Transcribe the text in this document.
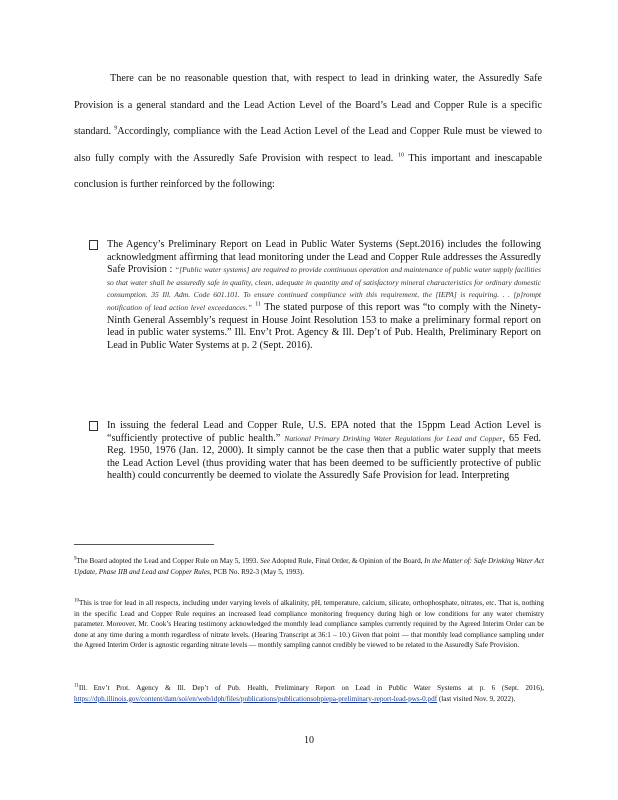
There can be no reasonable question that, with respect to lead in drinking water, the Assuredly Safe Provision is a general standard and the Lead Action Level of the Board’s Lead and Copper Rule is a specific standard. $^9$Accordingly, compliance with the Lead Action Level of the Lead and Copper Rule must be viewed to also fully comply with the Assuredly Safe Provision with respect to lead. $^{10}$ This important and inescapable conclusion is further reinforced by the following:
The Agency’s Preliminary Report on Lead in Public Water Systems (Sept.2016) includes the following acknowledgment affirming that lead monitoring under the Lead and Copper Rule addresses the Assuredly Safe Provision : “[Public water systems] are required to provide continuous operation and maintenance of public water supply facilities so that water shall be assuredly safe in quality, clean, adequate in quantity and of satisfactory mineral characteristics for ordinary domestic consumption. 35 Ill. Adm. Code 601.101. To ensure continued compliance with this requirement, the [IEPA] is requiring. . . [p]rompt notification of lead action level exceedances.” $^{11}$ The stated purpose of this report was “to comply with the Ninety-Ninth General Assembly’s request in House Joint Resolution 153 to make a preliminary formal report on lead in public water systems.” Ill. Env’t Prot. Agency & Ill. Dep’t of Pub. Health, Preliminary Report on Lead in Public Water Systems at p. 2 (Sept. 2016).
In issuing the federal Lead and Copper Rule, U.S. EPA noted that the 15ppm Lead Action Level is “sufficiently protective of public health.” National Primary Drinking Water Regulations for Lead and Copper, 65 Fed. Reg. 1950, 1976 (Jan. 12, 2000). It simply cannot be the case then that a public water supply that meets the Lead Action Level (thus providing water that has been deemed to be sufficiently protective of public health) could concurrently be deemed to violate the Assuredly Safe Provision for lead. Interpreting
$^9$The Board adopted the Lead and Copper Rule on May 5, 1993. See Adopted Rule, Final Order, & Opinion of the Board, In the Matter of: Safe Drinking Water Act Update, Phase IIB and Lead and Copper Rules, PCB No. R92-3 (May 5, 1993).
$^{10}$This is true for lead in all respects, including under varying levels of alkalinity, pH, temperature, calcium, silicate, orthophosphate, nitrates, etc. That is, nothing in the specific Lead and Copper Rule requires an increased lead compliance monitoring frequency during high or low conditions for any water chemistry parameter. Moreover, Mr. Cook’s Hearing testimony acknowledged the monthly lead compliance samples currently required by the Agreed Interim Order can be done at any time during a month regardless of nitrate levels. (Hearing Transcript at 36:1 – 10.) Given that point — that monthly lead compliance sampling under the Agreed Interim Order is agnostic regarding nitrate levels — monthly sampling cannot credibly be viewed to be related to the Assuredly Safe Provision.
$^{11}$Ill. Env’t Prot. Agency & Ill. Dep’t of Pub. Health, Preliminary Report on Lead in Public Water Systems at p. 6 (Sept. 2016), https://dph.illinois.gov/content/dam/soi/en/web/idph/files/publications/publicationsohpiepa-preliminary-report-lead-pws-0.pdf (last visited Nov. 9, 2022).
10
